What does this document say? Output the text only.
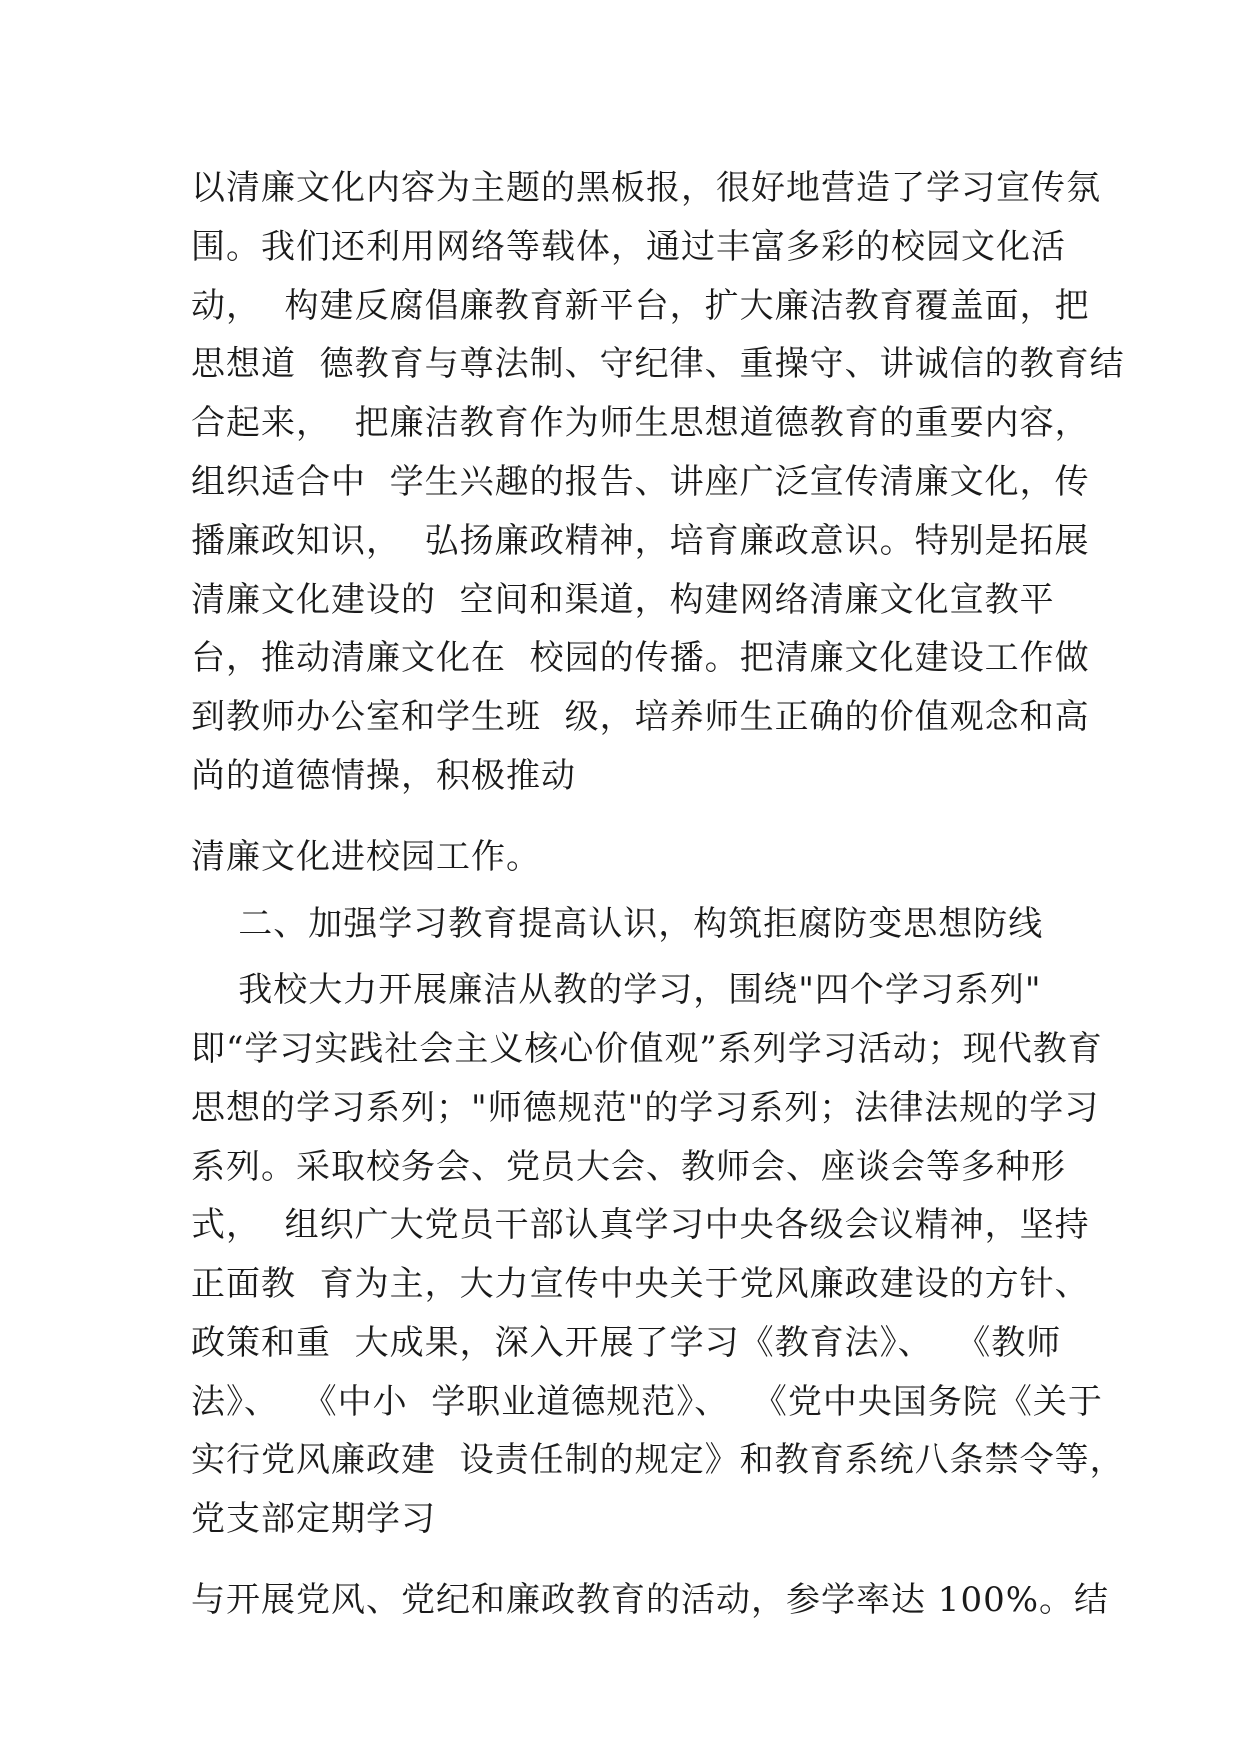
以清廉文化内容为主题的黑板报，很好地营造了学习宣传氛
围。我们还利用网络等载体，通过丰富多彩的校园文化活
动，  构建反腐倡廉教育新平台，扩大廉洁教育覆盖面，把
思想道  德教育与尊法制、守纪律、重操守、讲诚信的教育结
合起来，  把廉洁教育作为师生思想道德教育的重要内容，
组织适合中  学生兴趣的报告、讲座广泛宣传清廉文化，传
播廉政知识，  弘扬廉政精神，培育廉政意识。特别是拓展
清廉文化建设的  空间和渠道，构建网络清廉文化宣教平
台，推动清廉文化在  校园的传播。把清廉文化建设工作做
到教师办公室和学生班  级，培养师生正确的价值观念和高
尚的道德情操，积极推动
清廉文化进校园工作。
二、加强学习教育提高认识，构筑拒腐防变思想防线
我校大力开展廉洁从教的学习，围绕"四个学习系列"
即“学习实践社会主义核心价值观”系列学习活动；现代教育
思想的学习系列；"师德规范"的学习系列；法律法规的学习
系列。采取校务会、党员大会、教师会、座谈会等多种形
式，  组织广大党员干部认真学习中央各级会议精神，坚持
正面教  育为主，大力宣传中央关于党风廉政建设的方针、
政策和重  大成果，深入开展了学习《教育法》、  《教师
法》、  《中小  学职业道德规范》、  《党中央国务院《关于
实行党风廉政建  设责任制的规定》和教育系统八条禁令等，
党支部定期学习
与开展党风、党纪和廉政教育的活动，参学率达 100%。结
